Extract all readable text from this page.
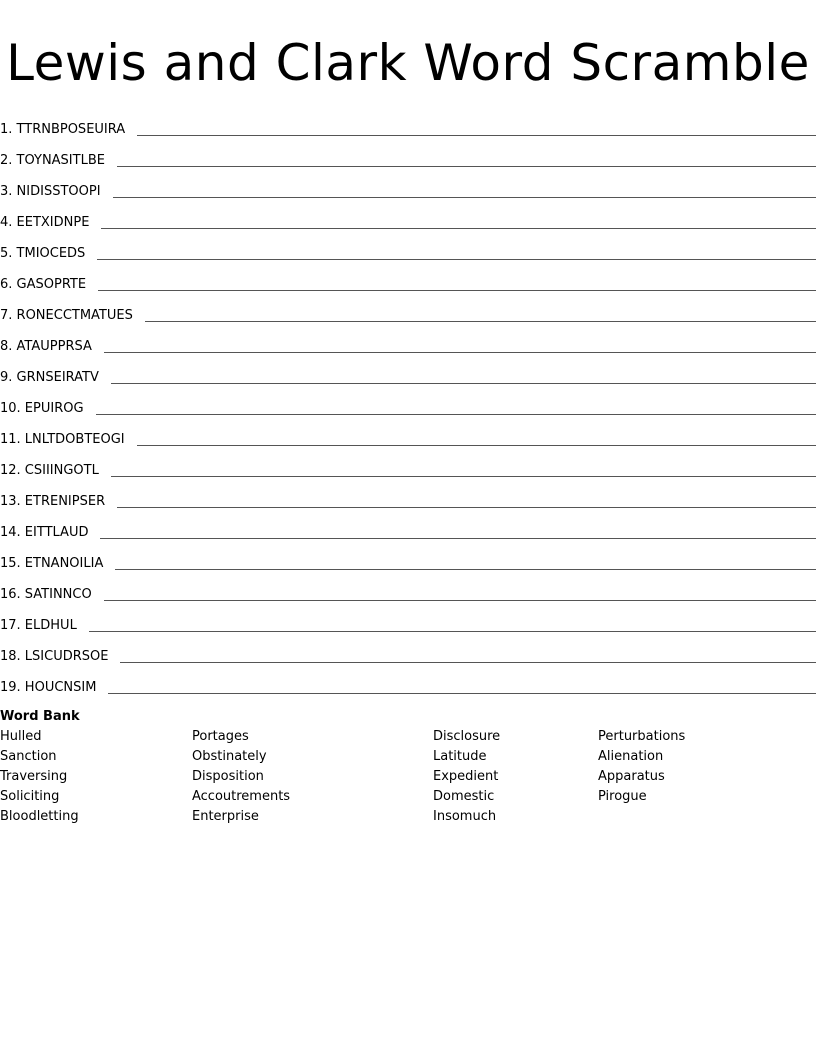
Lewis and Clark Word Scramble
1. TTRNBPOSEUIRA
2. TOYNASITLBE
3. NIDISSTOOPI
4. EETXIDNPE
5. TMIOCEDS
6. GASOPRTE
7. RONECCTMATUES
8. ATAUPPRSA
9. GRNSEIRATV
10. EPUIROG
11. LNLTDOBTEOGI
12. CSIIINGOTL
13. ETRENIPSER
14. EITTLAUD
15. ETNANOILIA
16. SATINNCO
17. ELDHUL
18. LSICUDRSOE
19. HOUCNSIM
Word Bank
Hulled
Sanction
Traversing
Soliciting
Bloodletting
Portages
Obstinately
Disposition
Accoutrements
Enterprise
Disclosure
Latitude
Expedient
Domestic
Insomuch
Perturbations
Alienation
Apparatus
Pirogue
